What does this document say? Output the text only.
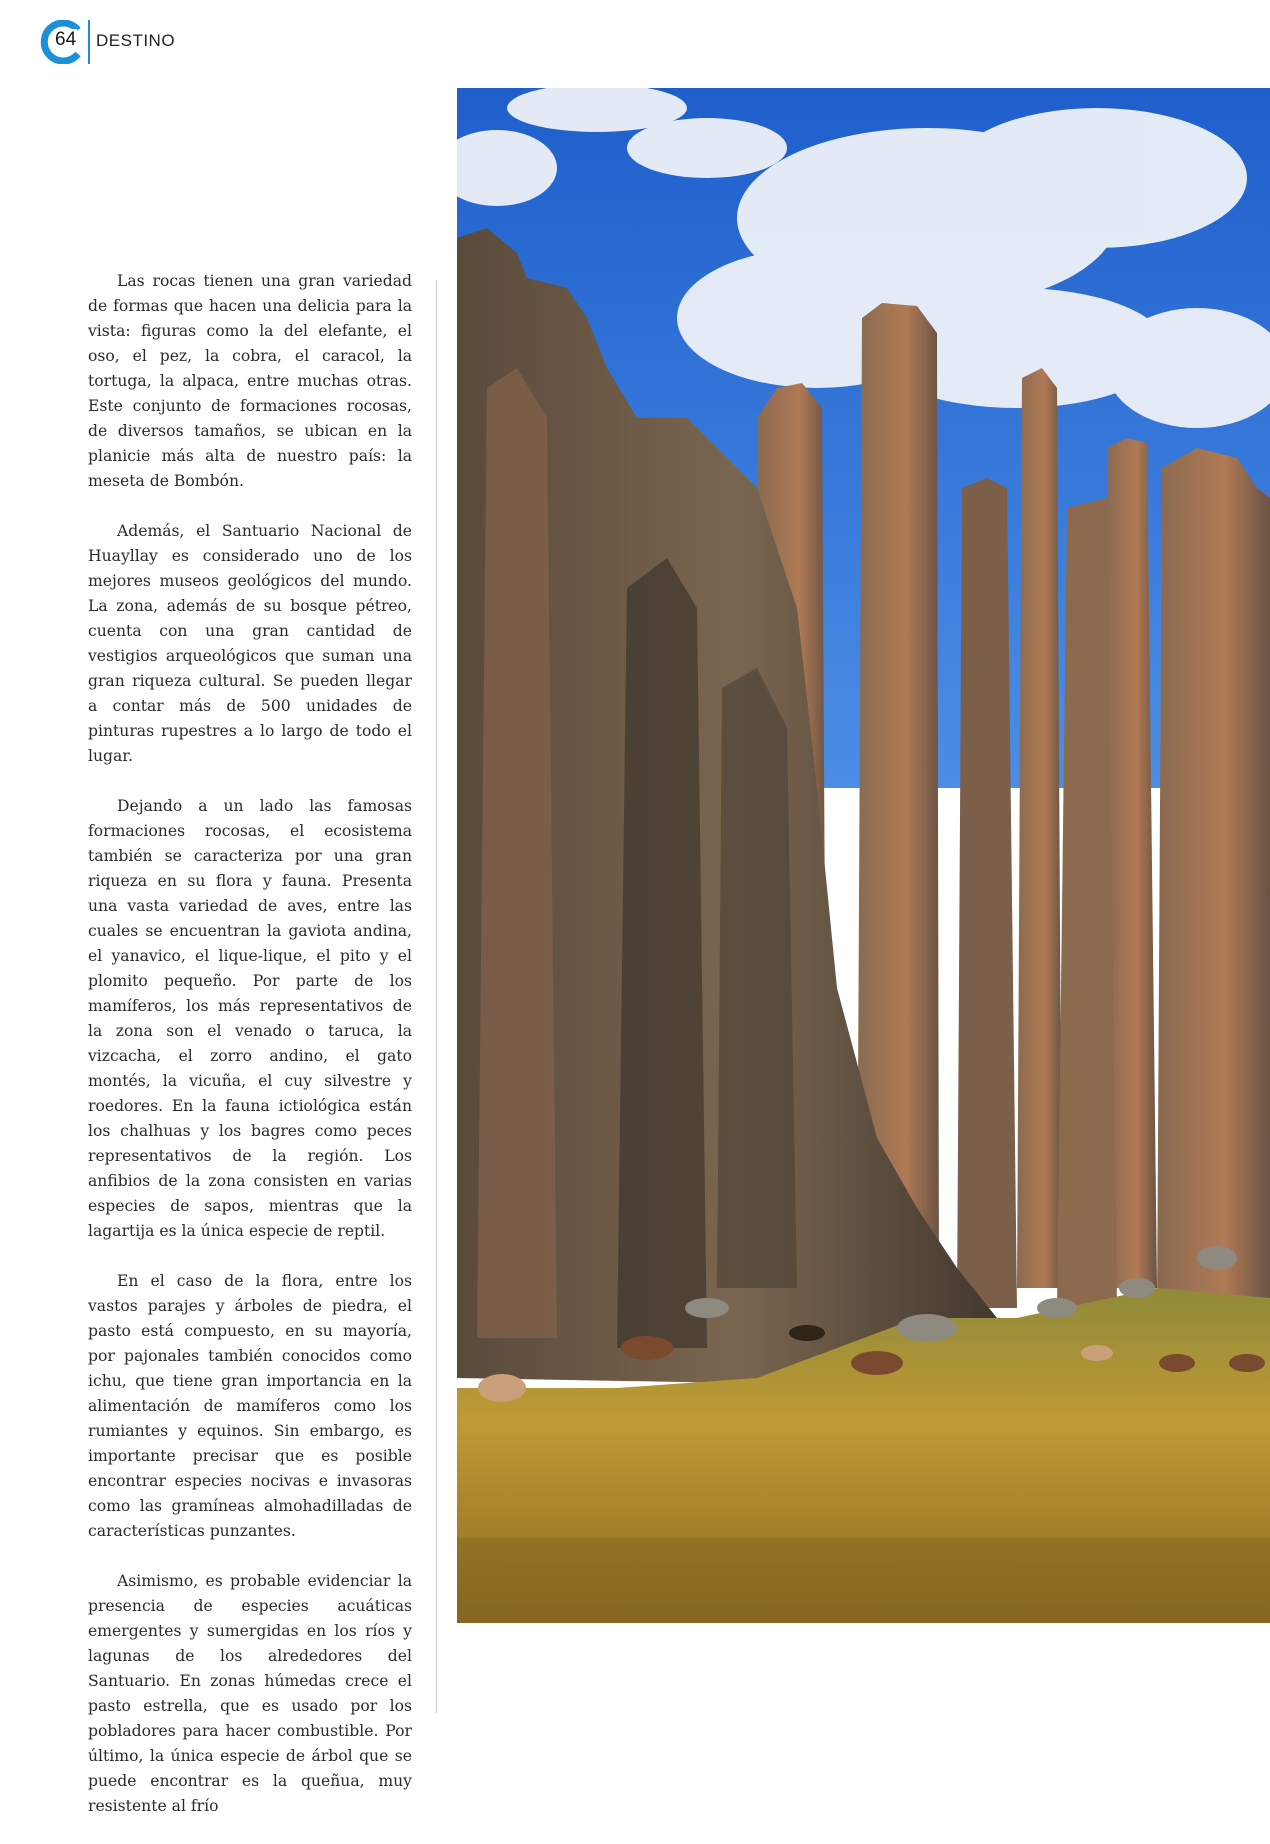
64 DESTINO

Las rocas tienen una gran variedad de formas que hacen una delicia para la vista: figuras como la del elefante, el oso, el pez, la cobra, el caracol, la tortuga, la alpaca, entre muchas otras. Este conjunto de formaciones rocosas, de diversos tamaños, se ubican en la planicie más alta de nuestro país: la meseta de Bombón.

Además, el Santuario Nacional de Huayllay es considerado uno de los mejores museos geológicos del mundo. La zona, además de su bosque pétreo, cuenta con una gran cantidad de vestigios arqueológicos que suman una gran riqueza cultural. Se pueden llegar a contar más de 500 unidades de pinturas rupestres a lo largo de todo el lugar.

Dejando a un lado las famosas formaciones rocosas, el ecosistema también se caracteriza por una gran riqueza en su flora y fauna. Presenta una vasta variedad de aves, entre las cuales se encuentran la gaviota andina, el yanavico, el lique-lique, el pito y el plomito pequeño. Por parte de los mamíferos, los más representativos de la zona son el venado o taruca, la vizcacha, el zorro andino, el gato montés, la vicuña, el cuy silvestre y roedores. En la fauna ictiológica están los chalhuas y los bagres como peces representativos de la región. Los anfibios de la zona consisten en varias especies de sapos, mientras que la lagartija es la única especie de reptil.

En el caso de la flora, entre los vastos parajes y árboles de piedra, el pasto está compuesto, en su mayoría, por pajonales también conocidos como ichu, que tiene gran importancia en la alimentación de mamíferos como los rumiantes y equinos. Sin embargo, es importante precisar que es posible encontrar especies nocivas e invasoras como las gramíneas almohadilladas de características punzantes.

Asimismo, es probable evidenciar la presencia de especies acuáticas emergentes y sumergidas en los ríos y lagunas de los alrededores del Santuario. En zonas húmedas crece el pasto estrella, que es usado por los pobladores para hacer combustible. Por último, la única especie de árbol que se puede encontrar es la queñua, muy resistente al frío
